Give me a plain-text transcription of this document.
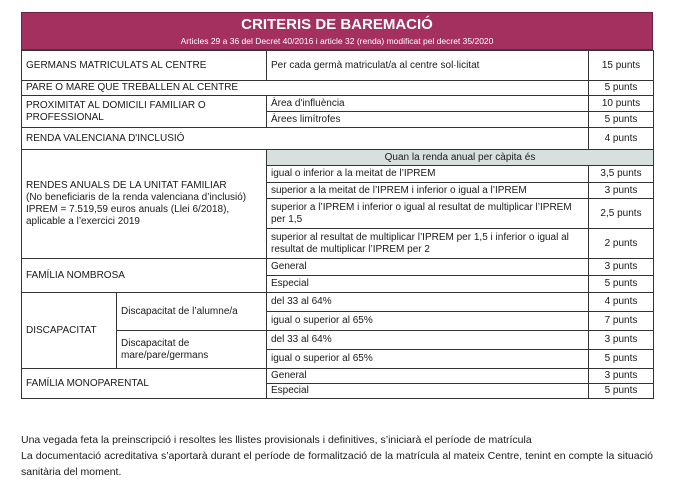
CRITERIS DE BAREMACIÓ
Articles 29 a 36 del Decret 40/2016 i article 32 (renda) modificat pel decret 35/2020
GERMANS MATRICULATS AL CENTRE		Per cada germà matriculat/a al centre sol·licitat	15 punts
PARE O MARE QUE TREBALLEN AL CENTRE			5 punts
PROXIMITAT AL DOMICILI FAMILIAR O PROFESSIONAL		Àrea d'influència	10 punts
		Àrees limítrofes	5 punts
RENDA VALENCIANA D'INCLUSIÓ			4 punts

RENDES ANUALS DE LA UNITAT FAMILIAR
(No beneficiaris de la renda valenciana d’inclusió)
IPREM = 7.519,59 euros anuals (Llei 6/2018), aplicable a l’exercici 2019		Quan la renda anual per càpita és	
		igual o inferior a la meitat de l’IPREM	3,5 punts
		superior a la meitat de l’IPREM i inferior o igual a l’IPREM	3 punts
		superior a l’IPREM i inferior o igual al resultat de multiplicar l’IPREM per 1,5	2,5 punts
		superior al resultat de multiplicar l’IPREM per 1,5 i inferior o igual al resultat de multiplicar l’IPREM per 2	2 punts
FAMÍLIA NOMBROSA		General	3 punts
		Especial	5 punts
DISCAPACITAT	Discapacitat de l’alumne/a	del 33 al 64%	4 punts
		igual o superior al 65%	7 punts
	Discapacitat de mare/pare/germans	del 33 al 64%	3 punts
		igual o superior al 65%	5 punts
FAMÍLIA MONOPARENTAL		General	3 punts
		Especial	5 punts

Una vegada feta la preinscripció i resoltes les llistes provisionals i definitives, s’iniciarà el període de matrícula

La documentació acreditativa s’aportarà durant el període de formalització de la matrícula al mateix Centre, tenint en compte la situació sanitària del moment.
